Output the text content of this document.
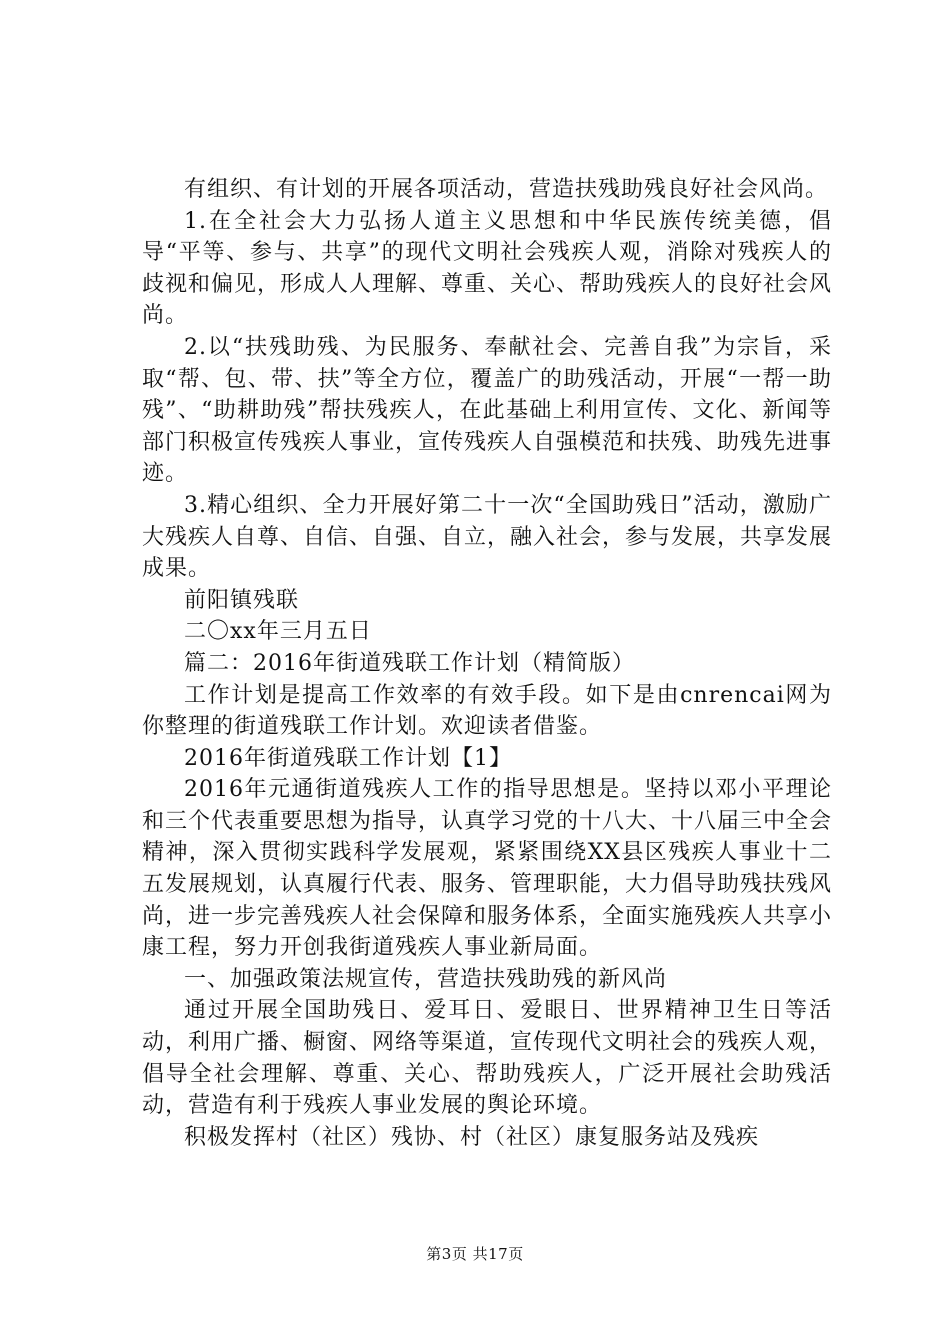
有组织、有计划的开展各项活动，营造扶残助残良好社会风尚。

1.在全社会大力弘扬人道主义思想和中华民族传统美德，倡导“平等、参与、共享”的现代文明社会残疾人观，消除对残疾人的歧视和偏见，形成人人理解、尊重、关心、帮助残疾人的良好社会风尚。

2.以“扶残助残、为民服务、奉献社会、完善自我”为宗旨，采取“帮、包、带、扶”等全方位，覆盖广的助残活动，开展“一帮一助残”、“助耕助残”帮扶残疾人，在此基础上利用宣传、文化、新闻等部门积极宣传残疾人事业，宣传残疾人自强模范和扶残、助残先进事迹。

3.精心组织、全力开展好第二十一次“全国助残日”活动，激励广大残疾人自尊、自信、自强、自立，融入社会，参与发展，共享发展成果。

前阳镇残联

二〇xx年三月五日

篇二：2016年街道残联工作计划（精简版）

工作计划是提高工作效率的有效手段。如下是由cnrencai网为你整理的街道残联工作计划。欢迎读者借鉴。

2016年街道残联工作计划【1】

2016年元通街道残疾人工作的指导思想是。坚持以邓小平理论和三个代表重要思想为指导，认真学习党的十八大、十八届三中全会精神，深入贯彻实践科学发展观，紧紧围绕XX县区残疾人事业十二五发展规划，认真履行代表、服务、管理职能，大力倡导助残扶残风尚，进一步完善残疾人社会保障和服务体系，全面实施残疾人共享小康工程，努力开创我街道残疾人事业新局面。

一、加强政策法规宣传，营造扶残助残的新风尚

通过开展全国助残日、爱耳日、爱眼日、世界精神卫生日等活动，利用广播、橱窗、网络等渠道，宣传现代文明社会的残疾人观，倡导全社会理解、尊重、关心、帮助残疾人，广泛开展社会助残活动，营造有利于残疾人事业发展的舆论环境。

积极发挥村（社区）残协、村（社区）康复服务站及残疾

第3页 共17页
